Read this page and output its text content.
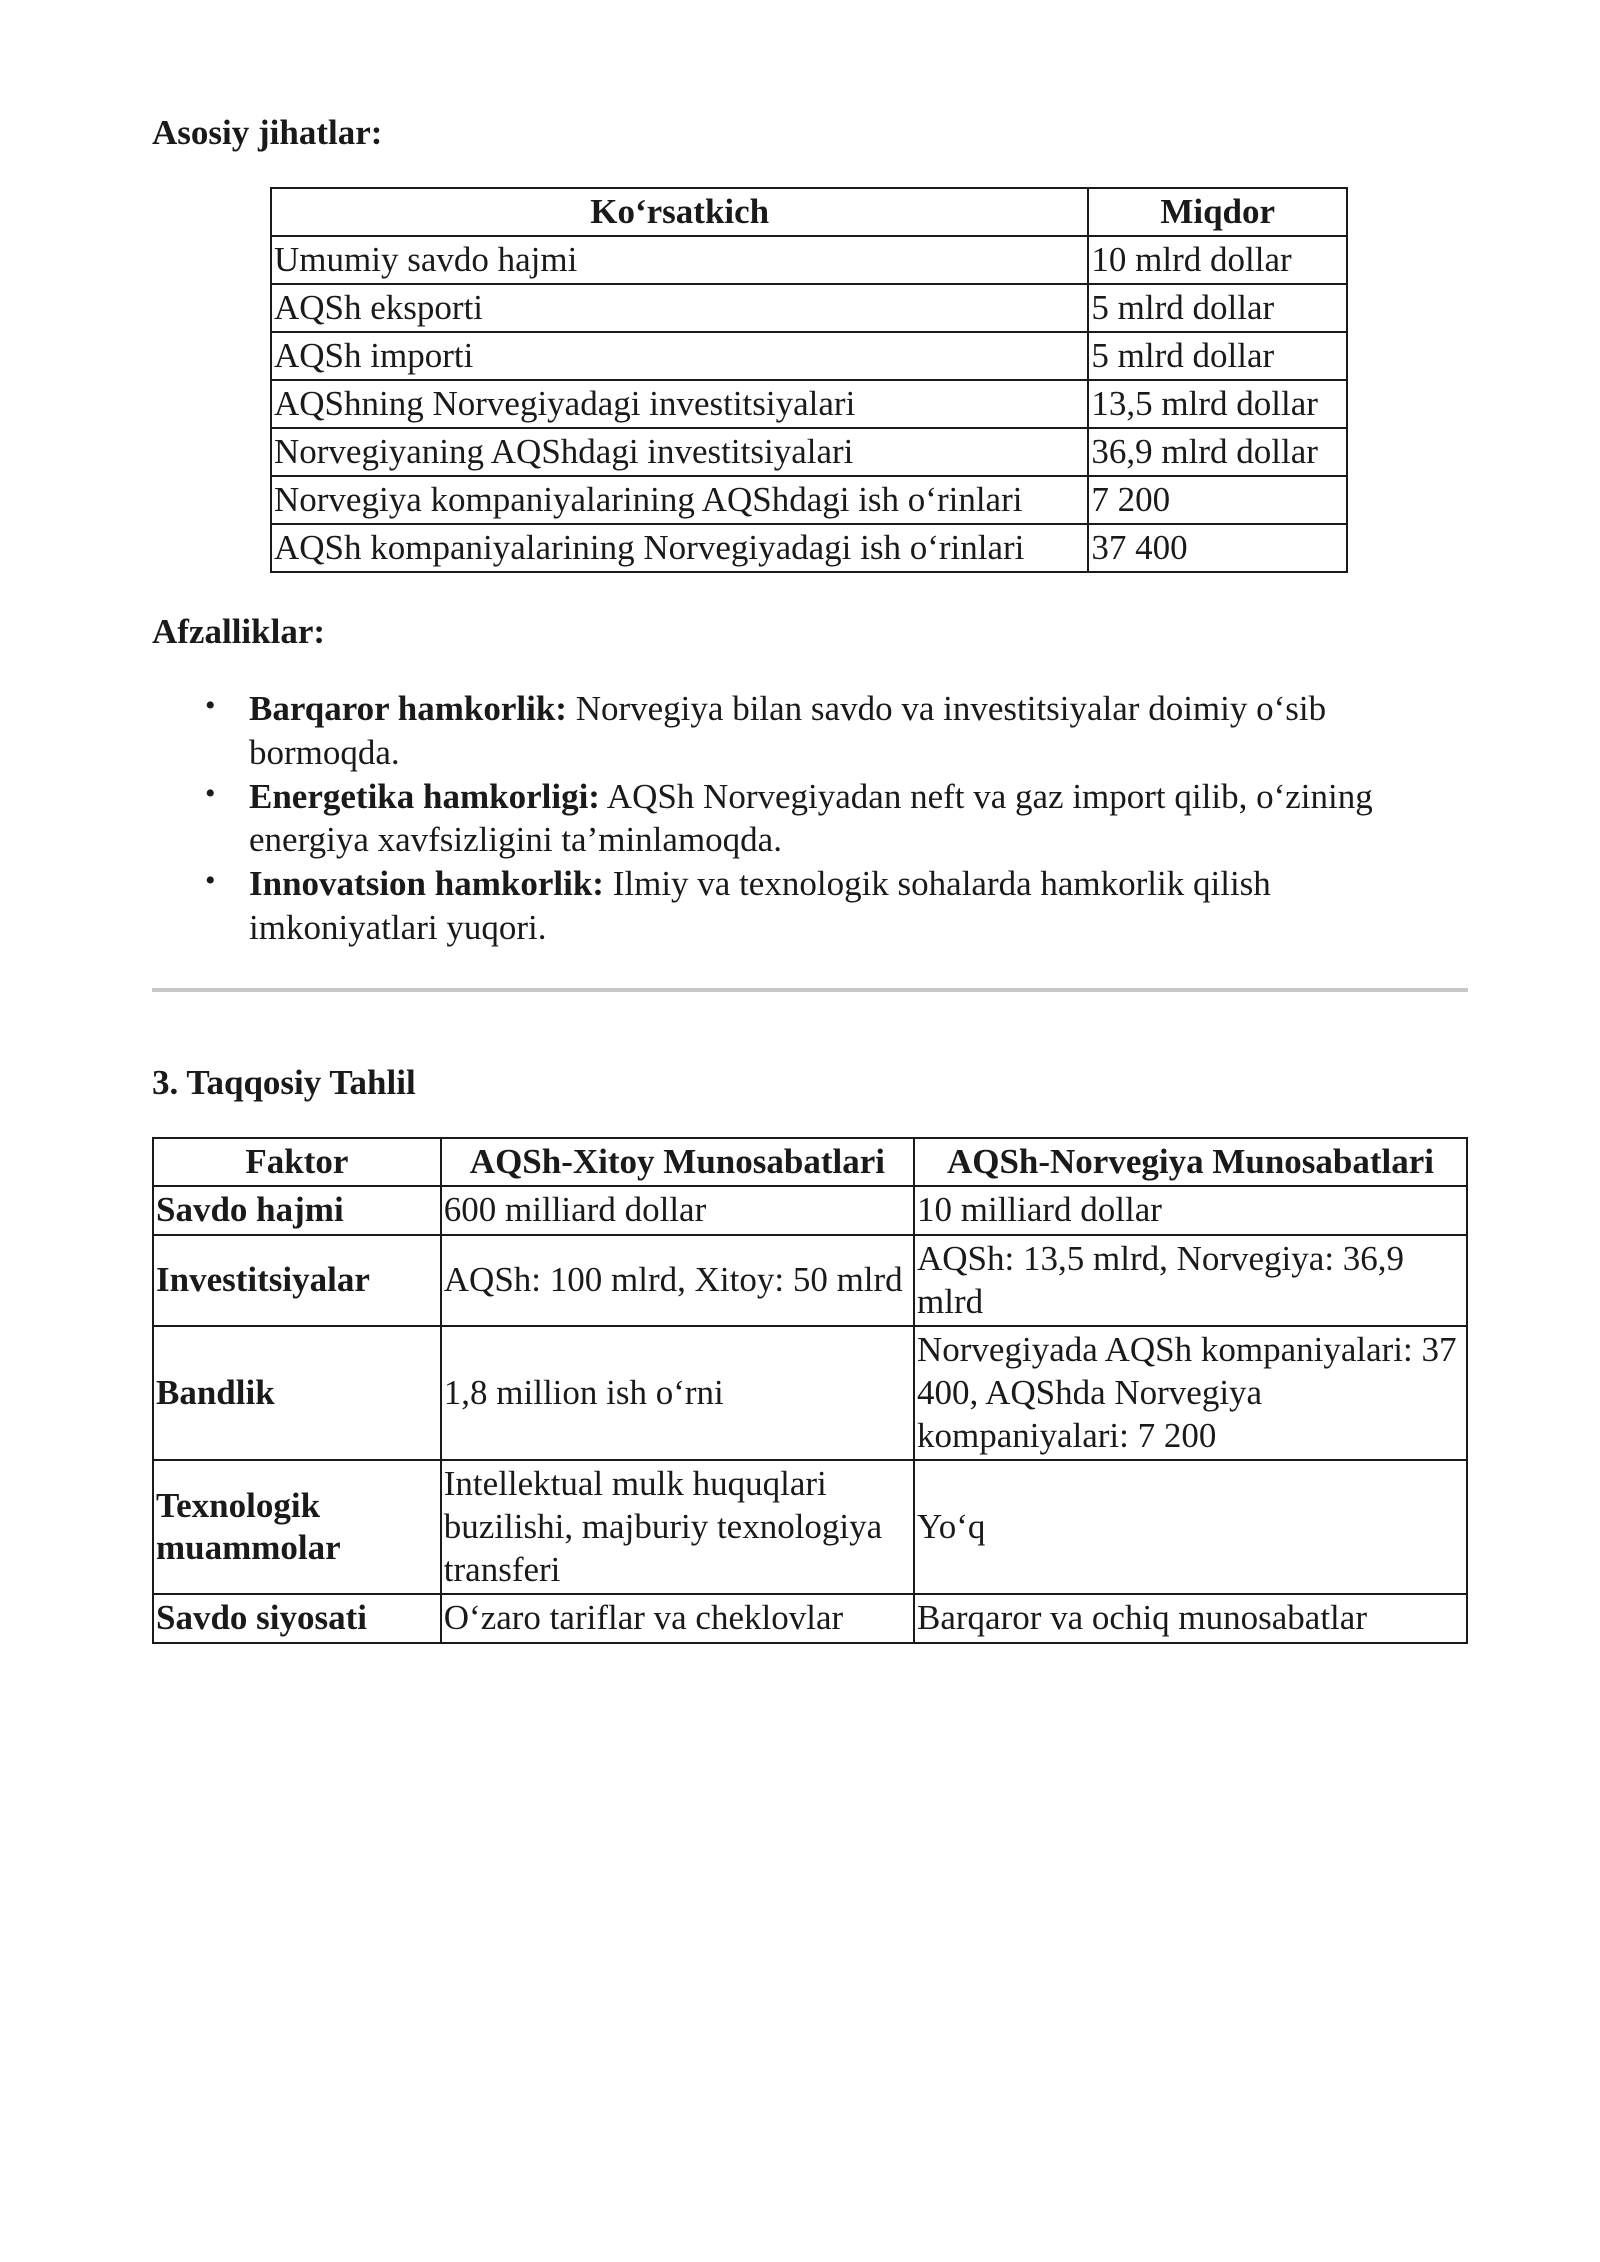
Asosiy jihatlar:
Ko‘rsatkich	Miqdor
Umumiy savdo hajmi	10 mlrd dollar
AQSh eksporti	5 mlrd dollar
AQSh importi	5 mlrd dollar
AQShning Norvegiyadagi investitsiyalari	13,5 mlrd dollar
Norvegiyaning AQShdagi investitsiyalari	36,9 mlrd dollar
Norvegiya kompaniyalarining AQShdagi ish o‘rinlari	7 200
AQSh kompaniyalarining Norvegiyadagi ish o‘rinlari	37 400
Afzalliklar:
• Barqaror hamkorlik: Norvegiya bilan savdo va investitsiyalar doimiy o‘sib bormoqda.
• Energetika hamkorligi: AQSh Norvegiyadan neft va gaz import qilib, o‘zining energiya xavfsizligini ta’minlamoqda.
• Innovatsion hamkorlik: Ilmiy va texnologik sohalarda hamkorlik qilish imkoniyatlari yuqori.
3. Taqqosiy Tahlil
Faktor	AQSh-Xitoy Munosabatlari	AQSh-Norvegiya Munosabatlari
Savdo hajmi	600 milliard dollar	10 milliard dollar
Investitsiyalar	AQSh: 100 mlrd, Xitoy: 50 mlrd	AQSh: 13,5 mlrd, Norvegiya: 36,9 mlrd
Bandlik	1,8 million ish o‘rni	Norvegiyada AQSh kompaniyalari: 37 400, AQShda Norvegiya kompaniyalari: 7 200
Texnologik muammolar	Intellektual mulk huquqlari buzilishi, majburiy texnologiya transferi	Yo‘q
Savdo siyosati	O‘zaro tariflar va cheklovlar	Barqaror va ochiq munosabatlar
